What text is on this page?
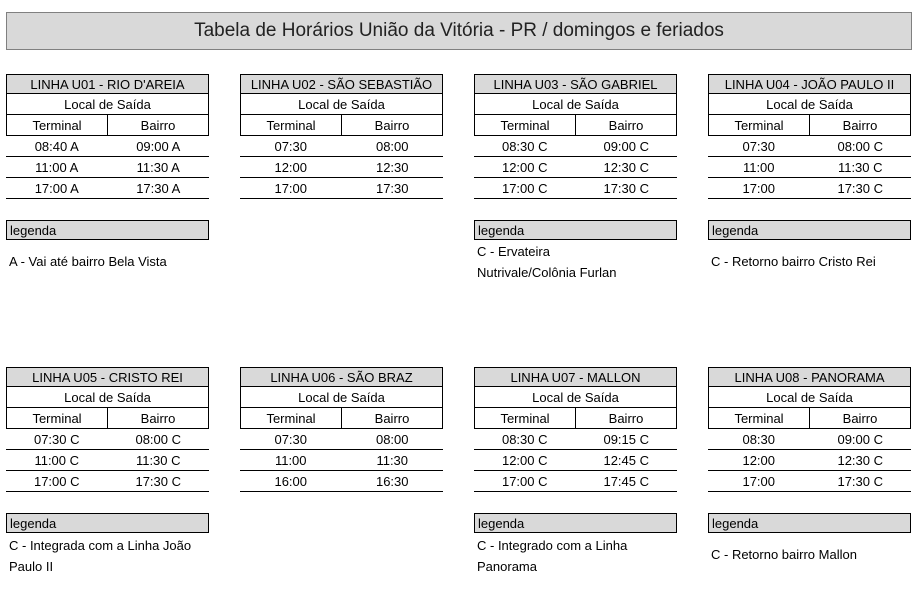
Tabela de Horários União da Vitória - PR / domingos e feriados
LINHA U01 - RIO D'AREIA
Local de Saída
Terminal	Bairro
08:40 A	09:00 A
11:00 A	11:30 A
17:00 A	17:30 A
LINHA U02 - SÃO SEBASTIÃO
Local de Saída
Terminal	Bairro
07:30	08:00
12:00	12:30
17:00	17:30
LINHA U03 - SÃO GABRIEL
Local de Saída
Terminal	Bairro
08:30 C	09:00 C
12:00 C	12:30 C
17:00 C	17:30 C
LINHA U04 - JOÃO PAULO II
Local de Saída
Terminal	Bairro
07:30	08:00 C
11:00	11:30 C
17:00	17:30 C
legenda
A - Vai até bairro Bela Vista
legenda
C - Ervateira
Nutrivale/Colônia Furlan
legenda
C - Retorno bairro Cristo Rei
LINHA U05 - CRISTO REI
Local de Saída
Terminal	Bairro
07:30 C	08:00 C
11:00 C	11:30 C
17:00 C	17:30 C
LINHA U06 - SÃO BRAZ
Local de Saída
Terminal	Bairro
07:30	08:00
11:00	11:30
16:00	16:30
LINHA U07 - MALLON
Local de Saída
Terminal	Bairro
08:30 C	09:15 C
12:00 C	12:45 C
17:00 C	17:45 C
LINHA U08 - PANORAMA
Local de Saída
Terminal	Bairro
08:30	09:00 C
12:00	12:30 C
17:00	17:30 C
legenda
C - Integrada com a Linha João
Paulo II
legenda
C - Integrado com a Linha
Panorama
legenda
C - Retorno bairro Mallon
